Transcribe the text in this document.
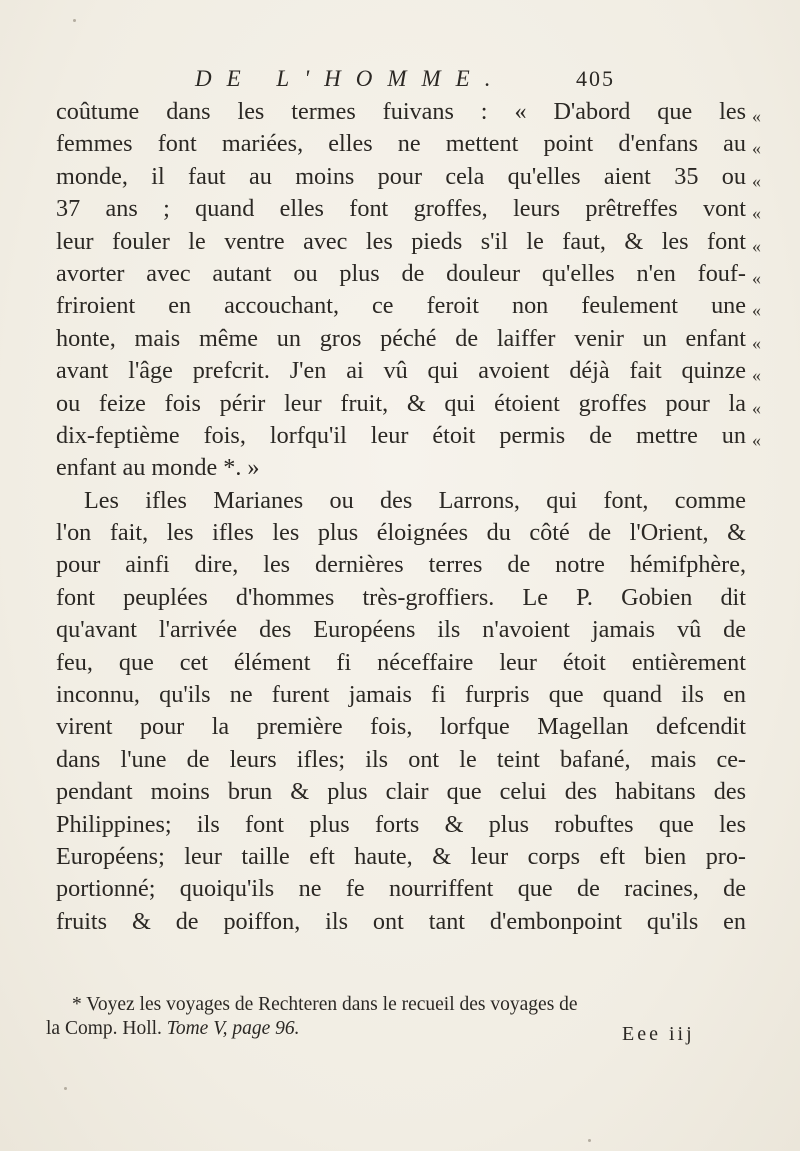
DE L'HOMME.	405
coûtume dans les termes fuivans : « D'abord que les
femmes font mariées, elles ne mettent point d'enfans au
monde, il faut au moins pour cela qu'elles aient 35 ou
37 ans ; quand elles font groffes, leurs prêtreffes vont
leur fouler le ventre avec les pieds s'il le faut, & les font
avorter avec autant ou plus de douleur qu'elles n'en fouf-
friroient en accouchant, ce feroit non feulement une
honte, mais même un gros péché de laiffer venir un enfant
avant l'âge prefcrit. J'en ai vû qui avoient déjà fait quinze
ou feize fois périr leur fruit, & qui étoient groffes pour la
dix-feptième fois, lorfqu'il leur étoit permis de mettre un
enfant au monde *. »
Les ifles Marianes ou des Larrons, qui font, comme
l'on fait, les ifles les plus éloignées du côté de l'Orient, &
pour ainfi dire, les dernières terres de notre hémifphère,
font peuplées d'hommes très-groffiers. Le P. Gobien dit
qu'avant l'arrivée des Européens ils n'avoient jamais vû de
feu, que cet élément fi néceffaire leur étoit entièrement
inconnu, qu'ils ne furent jamais fi furpris que quand ils en
virent pour la première fois, lorfque Magellan defcendit
dans l'une de leurs ifles; ils ont le teint bafané, mais ce-
pendant moins brun & plus clair que celui des habitans des
Philippines; ils font plus forts & plus robuftes que les
Européens; leur taille eft haute, & leur corps eft bien pro-
portionné; quoiqu'ils ne fe nourriffent que de racines, de
fruits & de poiffon, ils ont tant d'embonpoint qu'ils en
«
«
«
«
«
«
«
«
«
«
«
* Voyez les voyages de Rechteren dans le recueil des voyages de
la Comp. Holl. Tome V, page 96.	Eee iij
